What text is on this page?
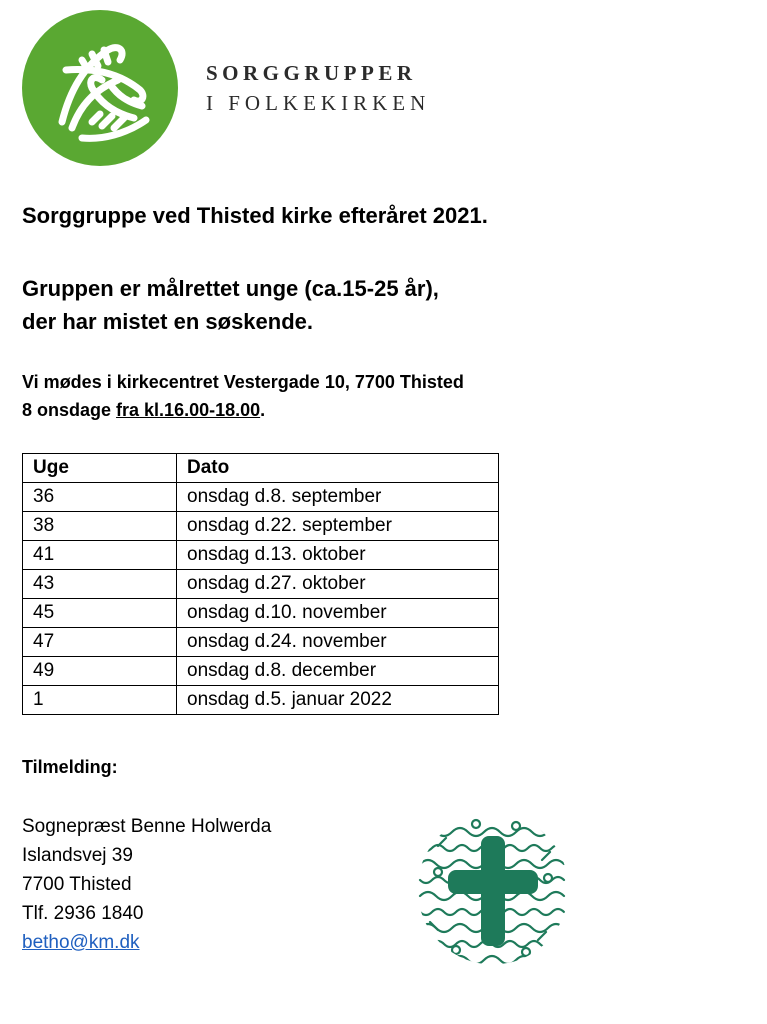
SORGGRUPPER
I FOLKEKIRKEN
Sorggruppe ved Thisted kirke efteråret 2021.
Gruppen er målrettet unge (ca.15-25 år),
der har mistet en søskende.
Vi mødes i kirkecentret Vestergade 10, 7700 Thisted
8 onsdage fra kl.16.00-18.00.
Uge	Dato
36	onsdag d.8. september
38	onsdag d.22. september
41	onsdag d.13. oktober
43	onsdag d.27. oktober
45	onsdag d.10. november
47	onsdag d.24. november
49	onsdag d.8. december
1	onsdag d.5. januar 2022
Tilmelding:
Sognepræst Benne Holwerda
Islandsvej 39
7700 Thisted
Tlf. 2936 1840
betho@km.dk
